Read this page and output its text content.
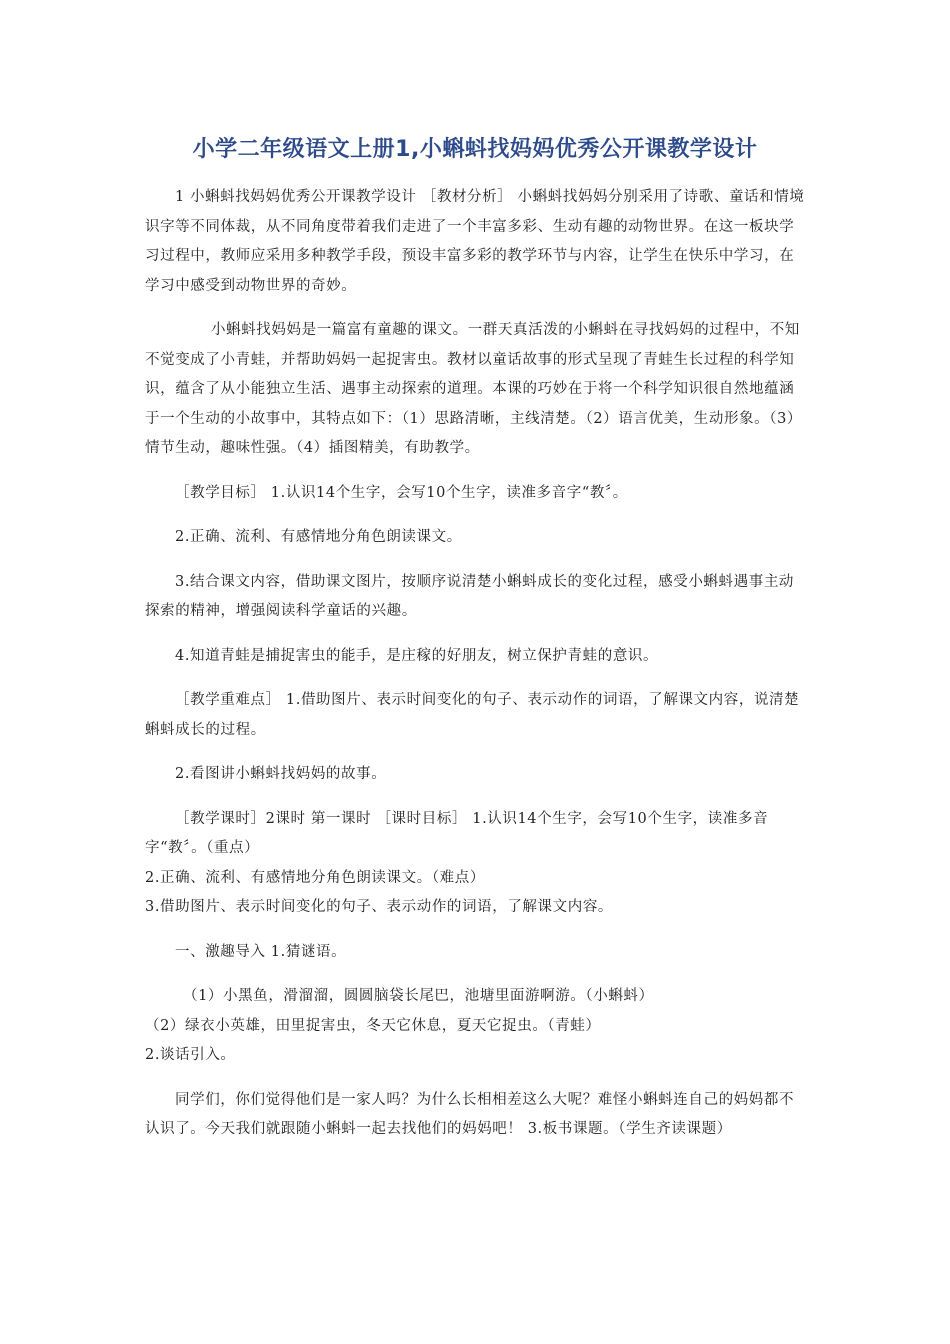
小学二年级语文上册1,小蝌蚪找妈妈优秀公开课教学设计

1 小蝌蚪找妈妈优秀公开课教学设计 ［教材分析］ 小蝌蚪找妈妈分别采用了诗歌、童话和情境识字等不同体裁，从不同角度带着我们走进了一个丰富多彩、生动有趣的动物世界。在这一板块学习过程中，教师应采用多种教学手段，预设丰富多彩的教学环节与内容，让学生在快乐中学习，在学习中感受到动物世界的奇妙。

小蝌蚪找妈妈是一篇富有童趣的课文。一群天真活泼的小蝌蚪在寻找妈妈的过程中，不知不觉变成了小青蛙，并帮助妈妈一起捉害虫。教材以童话故事的形式呈现了青蛙生长过程的科学知识，蕴含了从小能独立生活、遇事主动探索的道理。本课的巧妙在于将一个科学知识很自然地蕴涵于一个生动的小故事中，其特点如下：（1）思路清晰，主线清楚。（2）语言优美，生动形象。（3）情节生动，趣味性强。（4）插图精美，有助教学。

［教学目标］ 1.认识14个生字，会写10个生字，读准多音字“教〞。

2.正确、流利、有感情地分角色朗读课文。

3.结合课文内容，借助课文图片，按顺序说清楚小蝌蚪成长的变化过程，感受小蝌蚪遇事主动探索的精神，增强阅读科学童话的兴趣。

4.知道青蛙是捕捉害虫的能手，是庄稼的好朋友，树立保护青蛙的意识。

［教学重难点］ 1.借助图片、表示时间变化的句子、表示动作的词语，了解课文内容，说清楚蝌蚪成长的过程。

2.看图讲小蝌蚪找妈妈的故事。

［教学课时］2课时 第一课时 ［课时目标］ 1.认识14个生字，会写10个生字，读准多音字“教〞。（重点）

2.正确、流利、有感情地分角色朗读课文。（难点）

3.借助图片、表示时间变化的句子、表示动作的词语，了解课文内容。

一、激趣导入 1.猜谜语。

（1）小黑鱼，滑溜溜，圆圆脑袋长尾巴，池塘里面游啊游。（小蝌蚪）

（2）绿衣小英雄，田里捉害虫，冬天它休息，夏天它捉虫。（青蛙）

2.谈话引入。

同学们，你们觉得他们是一家人吗？为什么长相相差这么大呢？难怪小蝌蚪连自己的妈妈都不认识了。今天我们就跟随小蝌蚪一起去找他们的妈妈吧！ 3.板书课题。（学生齐读课题）
